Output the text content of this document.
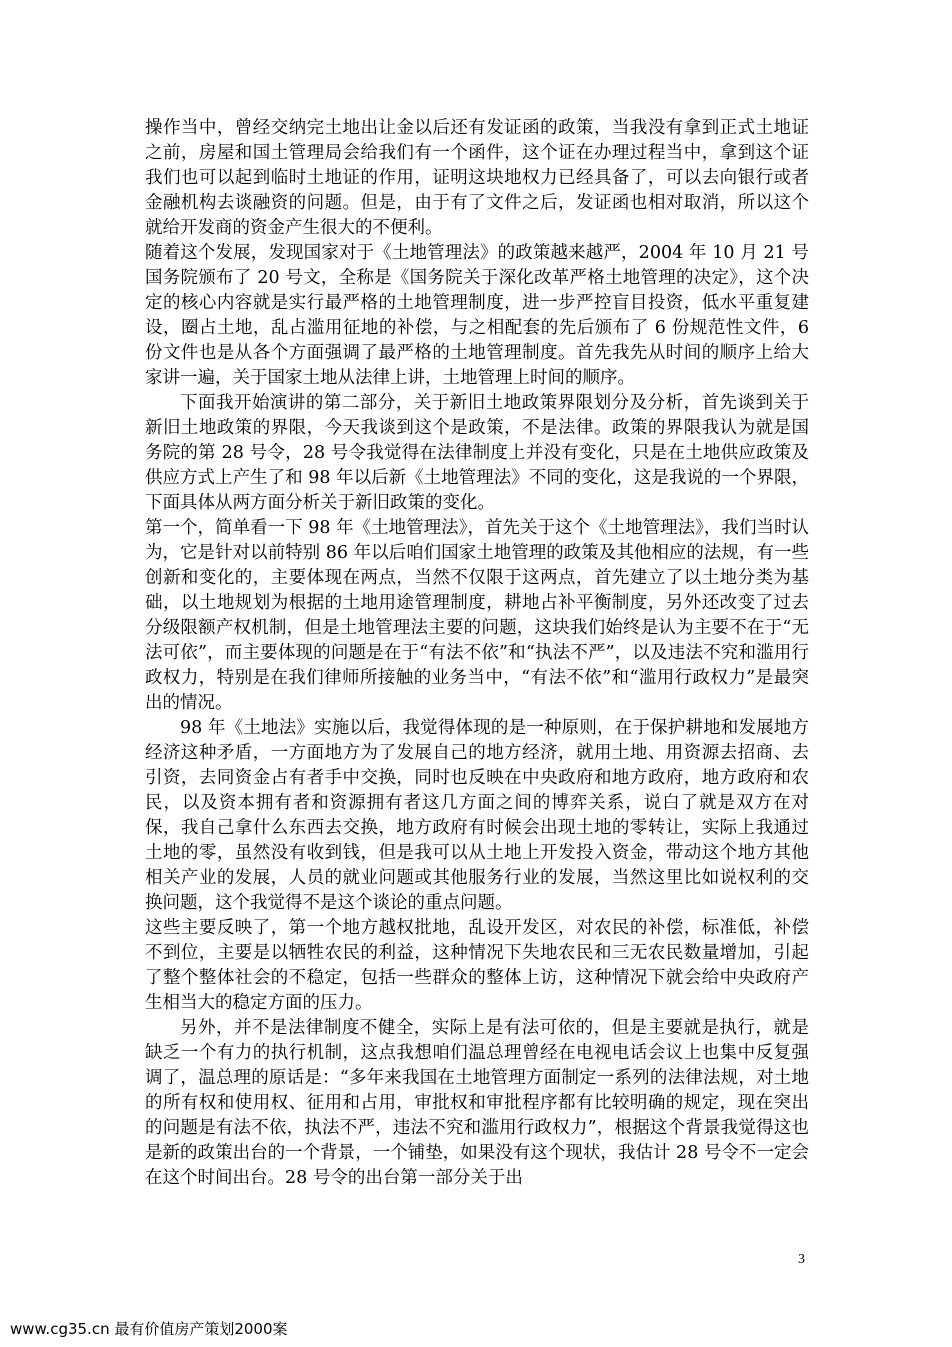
操作当中，曾经交纳完土地出让金以后还有发证函的政策，当我没有拿到正式土地证之前，房屋和国土管理局会给我们有一个函件，这个证在办理过程当中，拿到这个证我们也可以起到临时土地证的作用，证明这块地权力已经具备了，可以去向银行或者金融机构去谈融资的问题。但是，由于有了文件之后，发证函也相对取消，所以这个就给开发商的资金产生很大的不便利。

随着这个发展，发现国家对于《土地管理法》的政策越来越严，2004 年 10 月 21 号国务院颁布了 20 号文，全称是《国务院关于深化改革严格土地管理的决定》，这个决定的核心内容就是实行最严格的土地管理制度，进一步严控盲目投资，低水平重复建设，圈占土地，乱占滥用征地的补偿，与之相配套的先后颁布了 6 份规范性文件，6 份文件也是从各个方面强调了最严格的土地管理制度。首先我先从时间的顺序上给大家讲一遍，关于国家土地从法律上讲，土地管理上时间的顺序。

下面我开始演讲的第二部分，关于新旧土地政策界限划分及分析，首先谈到关于新旧土地政策的界限，今天我谈到这个是政策，不是法律。政策的界限我认为就是国务院的第 28 号令，28 号令我觉得在法律制度上并没有变化，只是在土地供应政策及供应方式上产生了和 98 年以后新《土地管理法》不同的变化，这是我说的一个界限，下面具体从两方面分析关于新旧政策的变化。

第一个，简单看一下 98 年《土地管理法》，首先关于这个《土地管理法》，我们当时认为，它是针对以前特别 86 年以后咱们国家土地管理的政策及其他相应的法规，有一些创新和变化的，主要体现在两点，当然不仅限于这两点，首先建立了以土地分类为基础，以土地规划为根据的土地用途管理制度，耕地占补平衡制度，另外还改变了过去分级限额产权机制，但是土地管理法主要的问题，这块我们始终是认为主要不在于“无法可依”，而主要体现的问题是在于“有法不依”和“执法不严”，以及违法不究和滥用行政权力，特别是在我们律师所接触的业务当中，“有法不依”和“滥用行政权力”是最突出的情况。

98 年《土地法》实施以后，我觉得体现的是一种原则，在于保护耕地和发展地方经济这种矛盾，一方面地方为了发展自己的地方经济，就用土地、用资源去招商、去引资，去同资金占有者手中交换，同时也反映在中央政府和地方政府，地方政府和农民，以及资本拥有者和资源拥有者这几方面之间的博弈关系，说白了就是双方在对保，我自己拿什么东西去交换，地方政府有时候会出现土地的零转让，实际上我通过土地的零，虽然没有收到钱，但是我可以从土地上开发投入资金，带动这个地方其他相关产业的发展，人员的就业问题或其他服务行业的发展，当然这里比如说权利的交换问题，这个我觉得不是这个谈论的重点问题。

这些主要反映了，第一个地方越权批地，乱设开发区，对农民的补偿，标准低，补偿不到位，主要是以牺牲农民的利益，这种情况下失地农民和三无农民数量增加，引起了整个整体社会的不稳定，包括一些群众的整体上访，这种情况下就会给中央政府产生相当大的稳定方面的压力。

另外，并不是法律制度不健全，实际上是有法可依的，但是主要就是执行，就是缺乏一个有力的执行机制，这点我想咱们温总理曾经在电视电话会议上也集中反复强调了，温总理的原话是：“多年来我国在土地管理方面制定一系列的法律法规，对土地的所有权和使用权、征用和占用，审批权和审批程序都有比较明确的规定，现在突出的问题是有法不依，执法不严，违法不究和滥用行政权力”，根据这个背景我觉得这也是新的政策出台的一个背景，一个铺垫，如果没有这个现状，我估计 28 号令不一定会在这个时间出台。28 号令的出台第一部分关于出

3
www.cg35.cn 最有价值房产策划2000案
